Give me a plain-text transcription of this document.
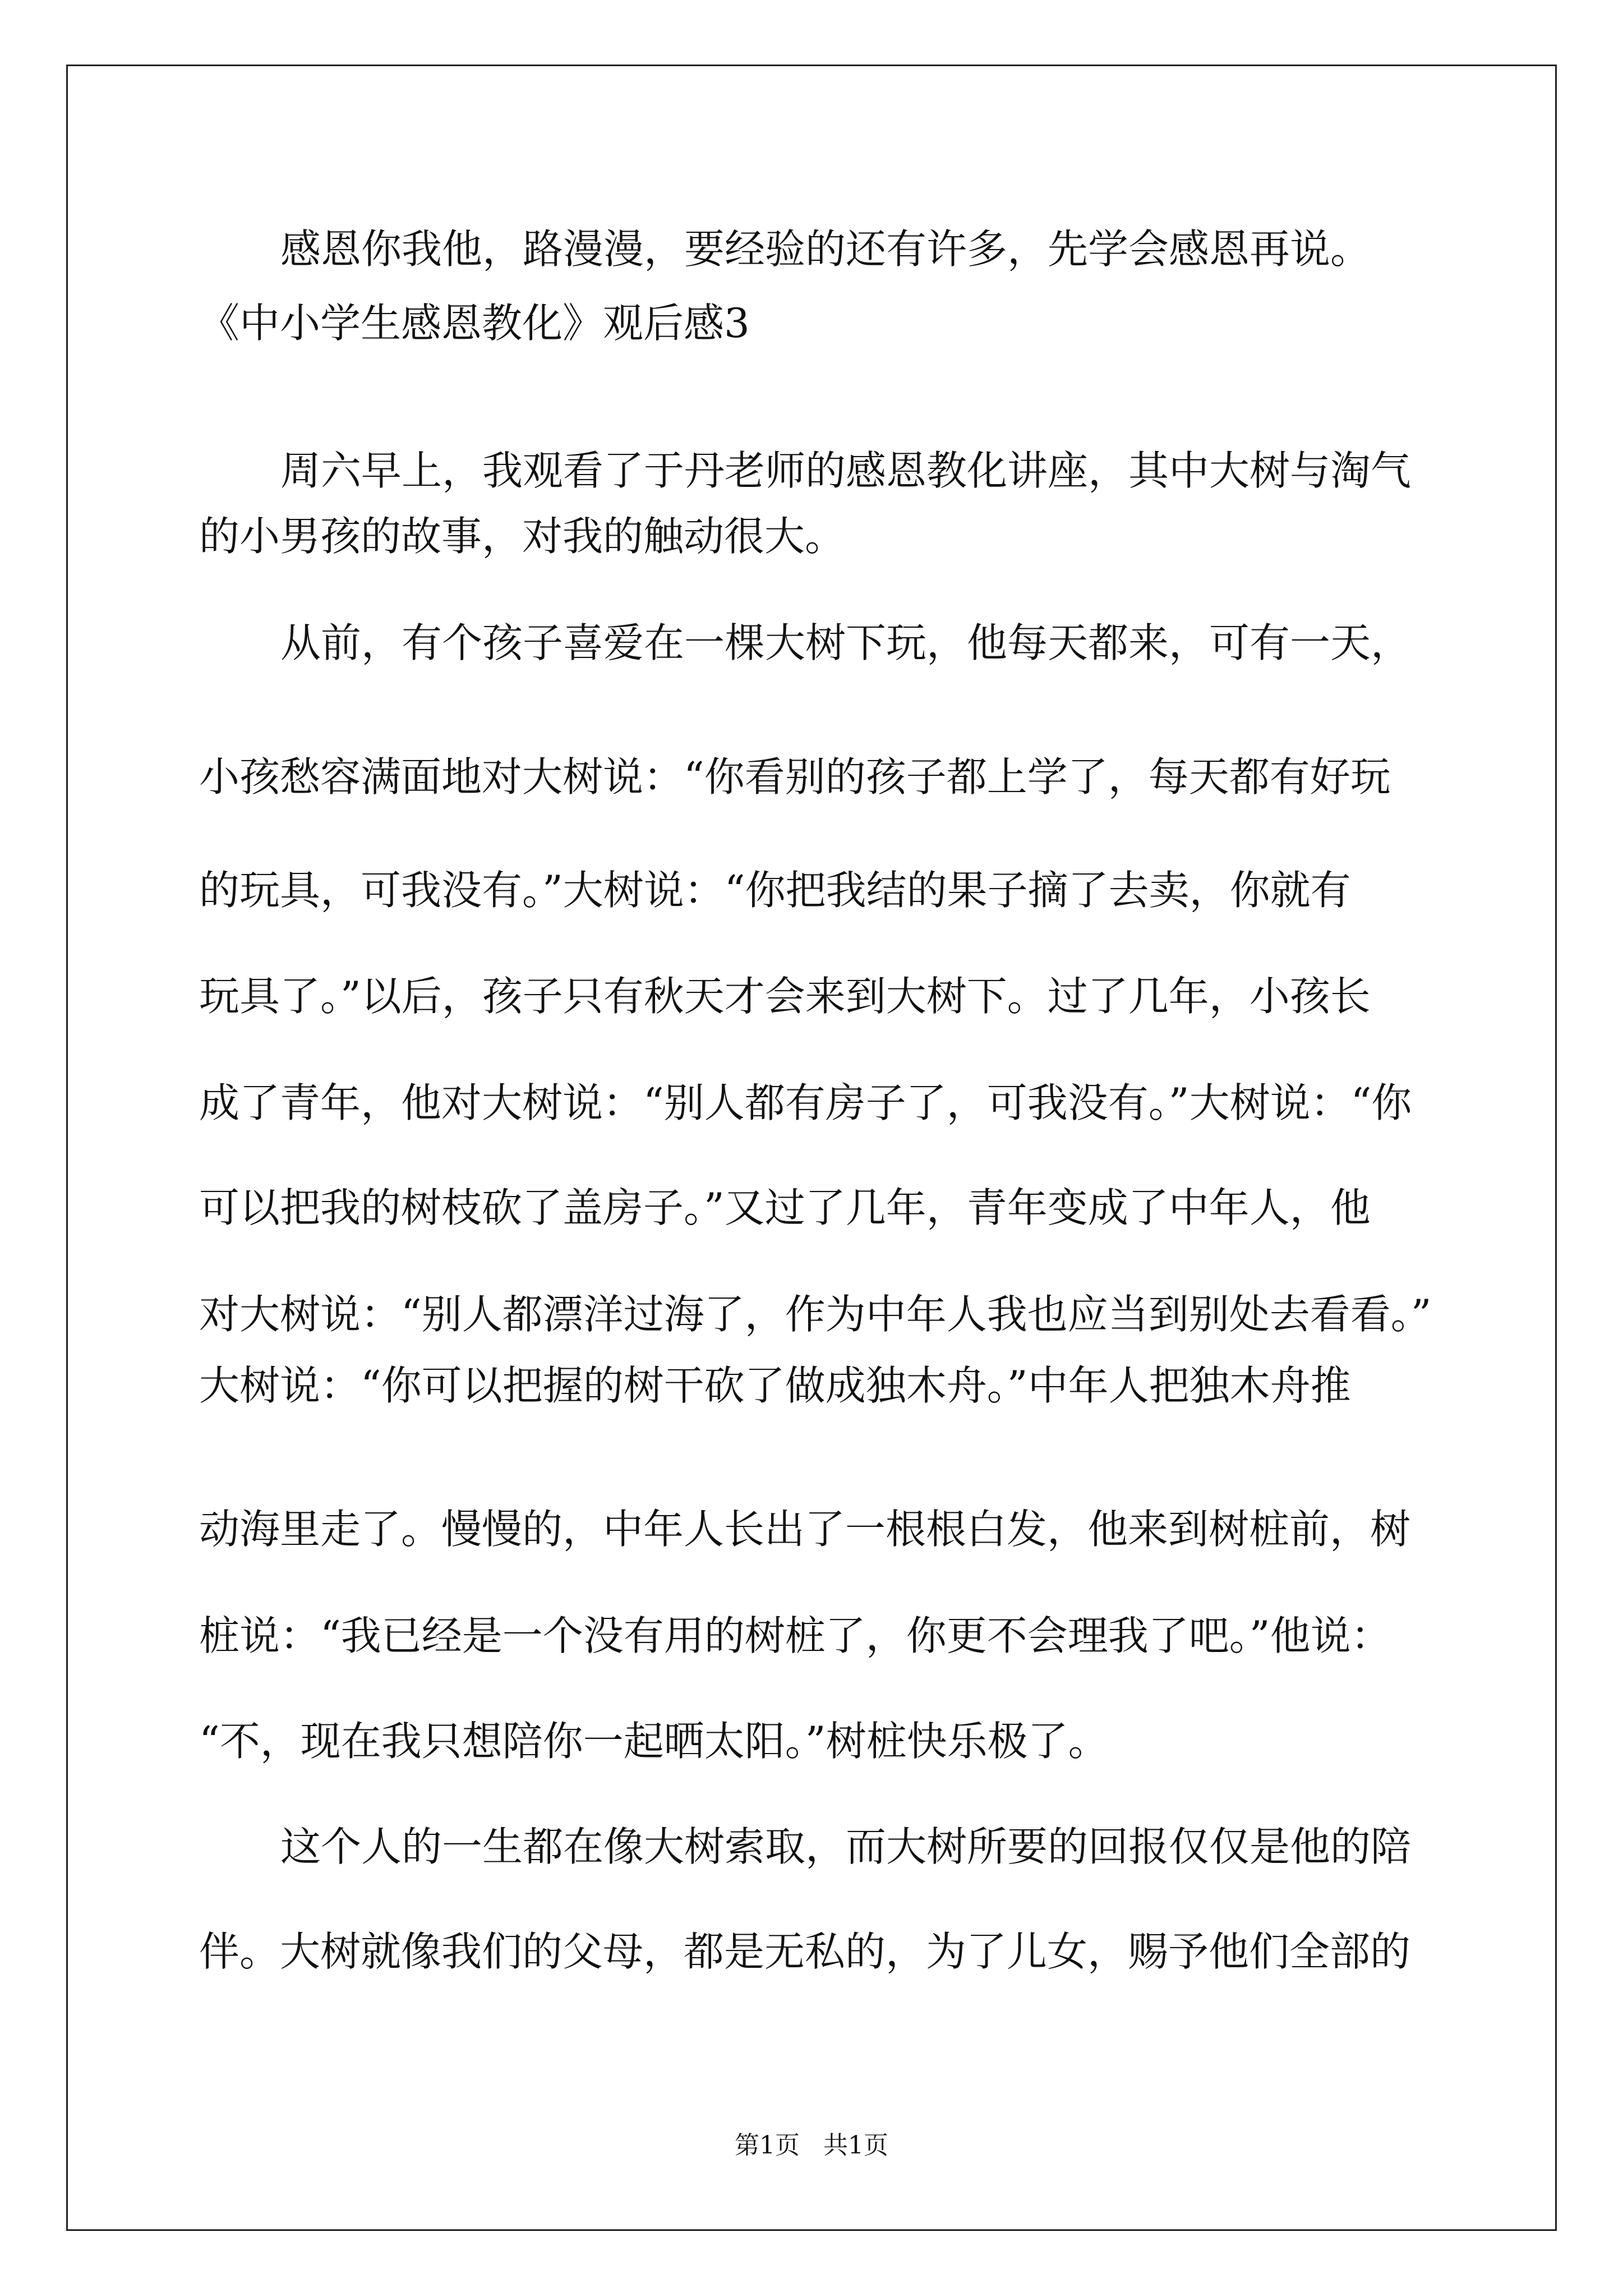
感恩你我他，路漫漫，要经验的还有许多，先学会感恩再说。
《中小学生感恩教化》观后感3
周六早上，我观看了于丹老师的感恩教化讲座，其中大树与淘气
的小男孩的故事，对我的触动很大。
从前，有个孩子喜爱在一棵大树下玩，他每天都来，可有一天，
小孩愁容满面地对大树说：“你看别的孩子都上学了，每天都有好玩
的玩具，可我没有。”大树说：“你把我结的果子摘了去卖，你就有
玩具了。”以后，孩子只有秋天才会来到大树下。过了几年，小孩长
成了青年，他对大树说：“别人都有房子了，可我没有。”大树说：“你
可以把我的树枝砍了盖房子。”又过了几年，青年变成了中年人，他
对大树说：“别人都漂洋过海了，作为中年人我也应当到别处去看看。”
大树说：“你可以把握的树干砍了做成独木舟。”中年人把独木舟推
动海里走了。慢慢的，中年人长出了一根根白发，他来到树桩前，树
桩说：“我已经是一个没有用的树桩了，你更不会理我了吧。”他说：
“不，现在我只想陪你一起晒太阳。”树桩快乐极了。
这个人的一生都在像大树索取，而大树所要的回报仅仅是他的陪
伴。大树就像我们的父母，都是无私的，为了儿女，赐予他们全部的
第1页   共1页
